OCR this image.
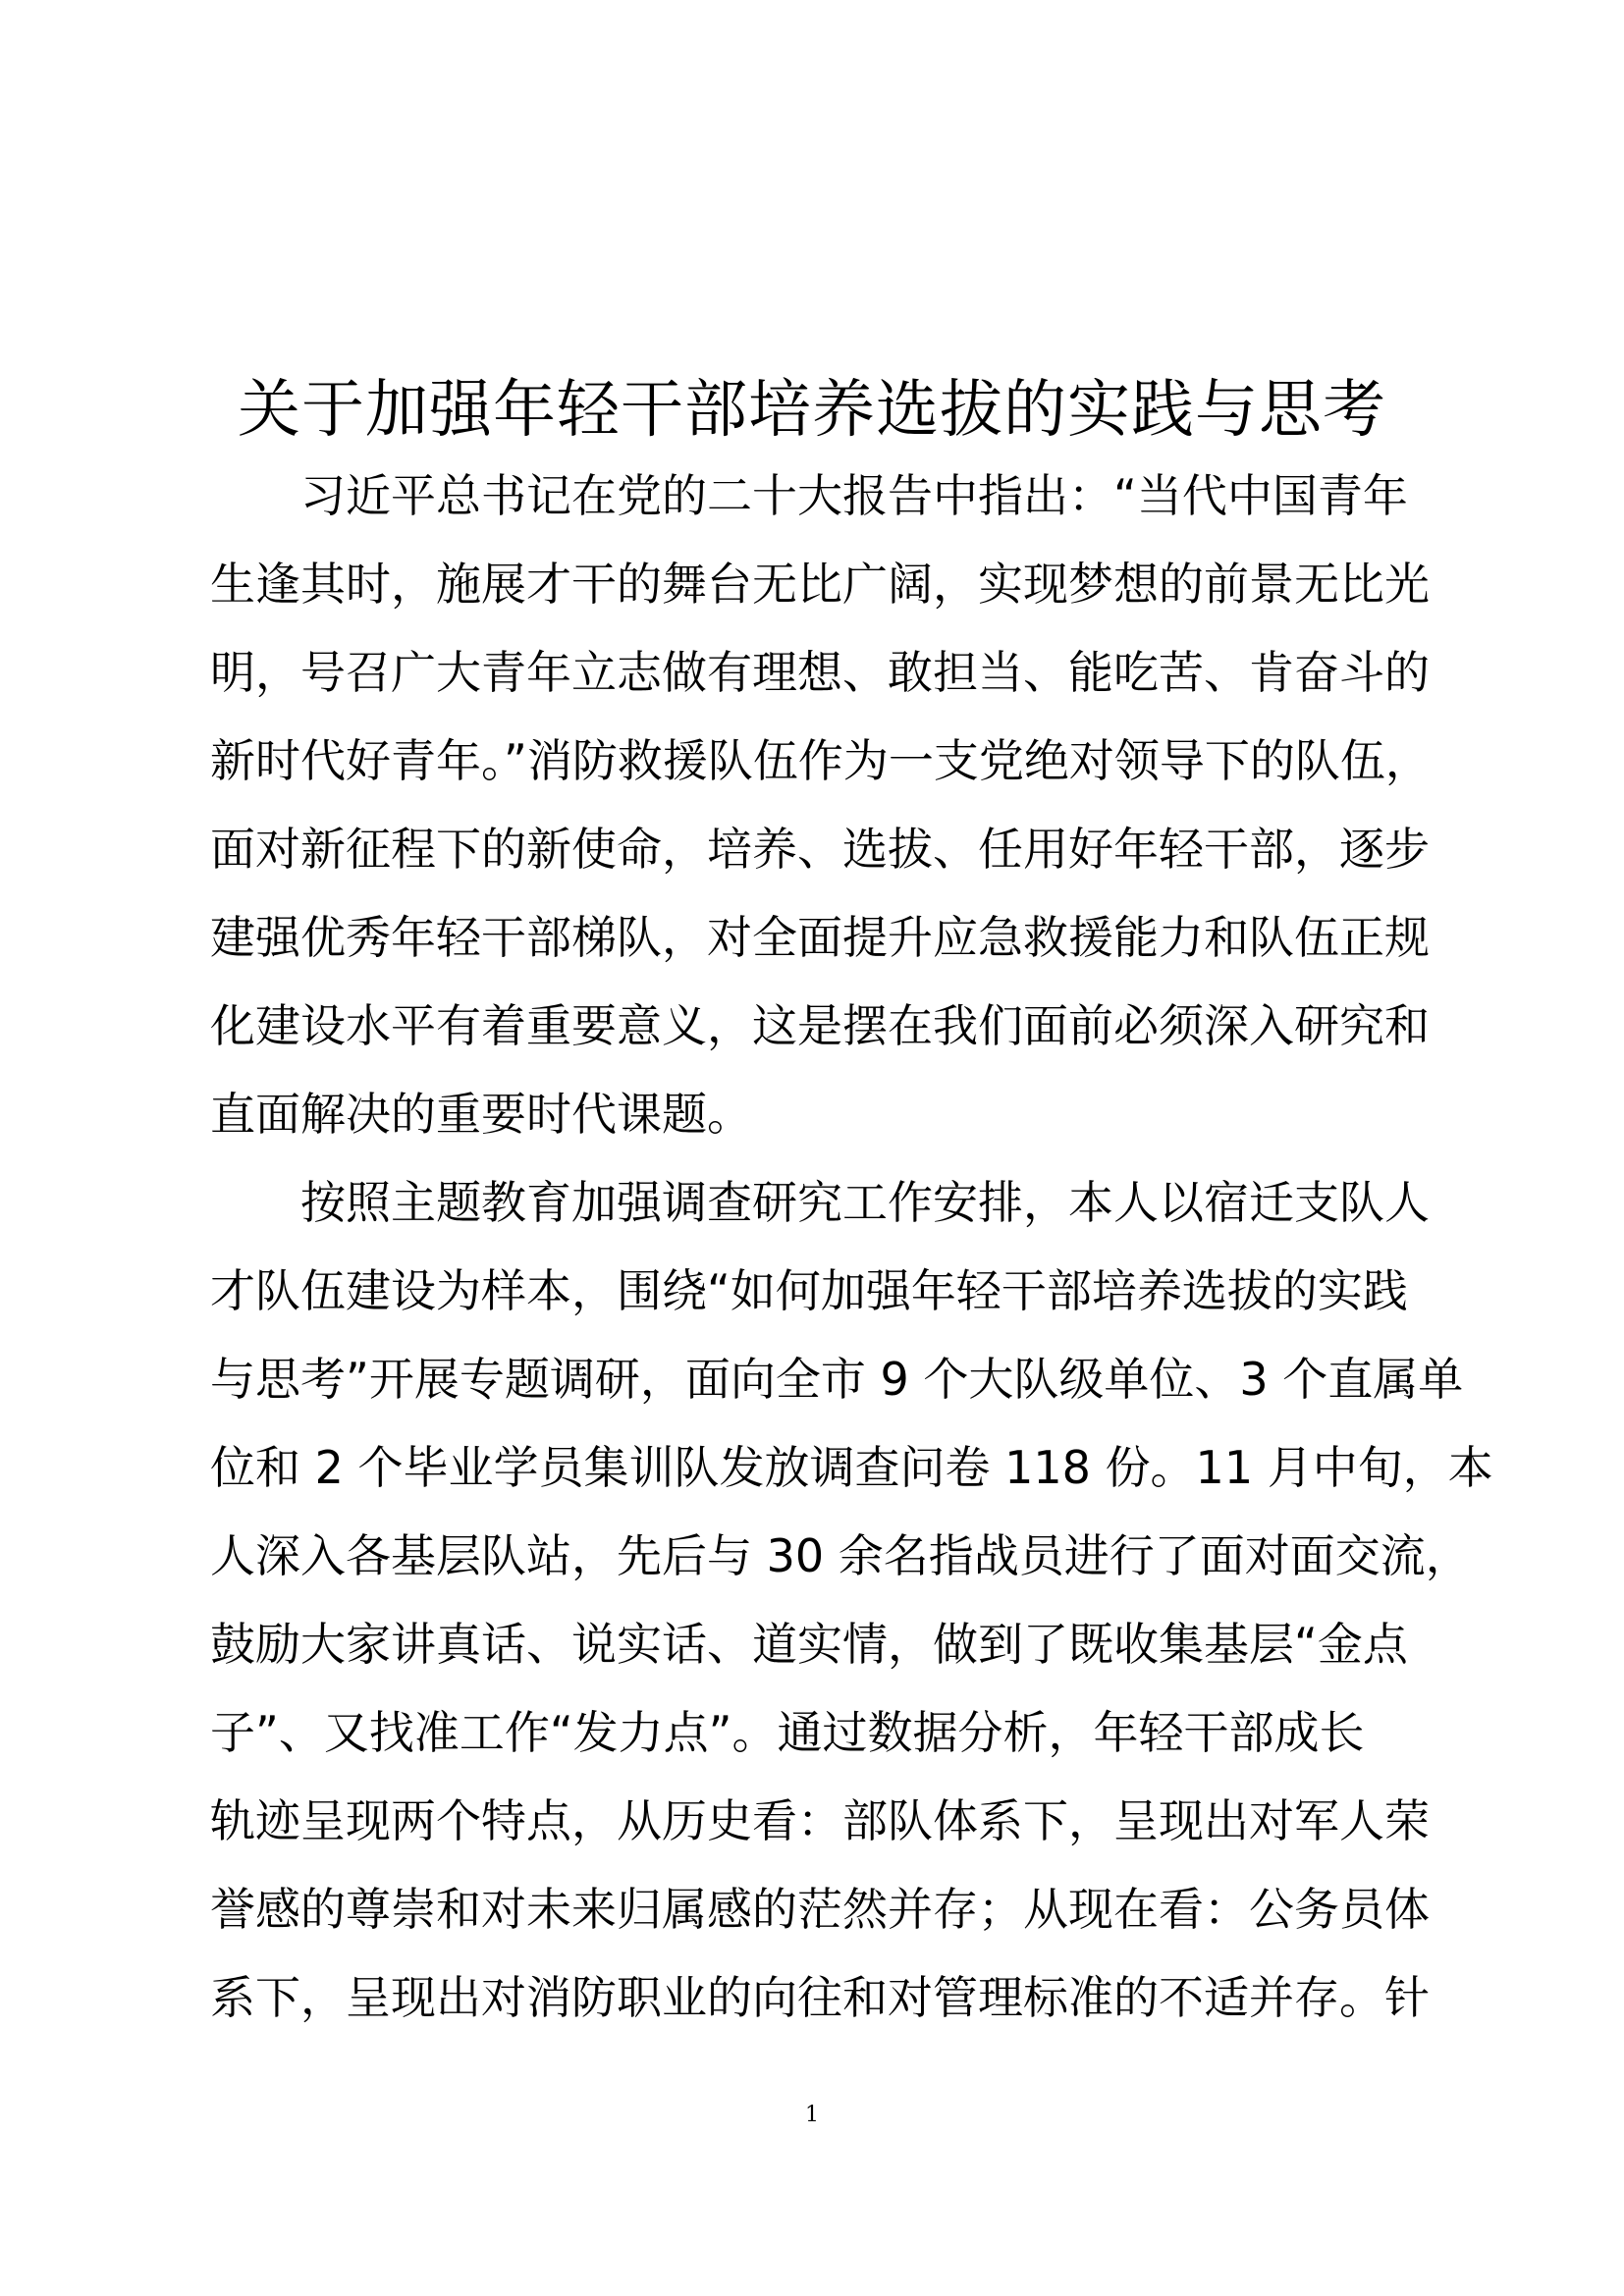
关于加强年轻干部培养选拔的实践与思考
习近平总书记在党的二十大报告中指出：“当代中国青年
生逢其时，施展才干的舞台无比广阔，实现梦想的前景无比光
明，号召广大青年立志做有理想、敢担当、能吃苦、肯奋斗的
新时代好青年。”消防救援队伍作为一支党绝对领导下的队伍，
面对新征程下的新使命，培养、选拔、任用好年轻干部，逐步
建强优秀年轻干部梯队，对全面提升应急救援能力和队伍正规
化建设水平有着重要意义，这是摆在我们面前必须深入研究和
直面解决的重要时代课题。
按照主题教育加强调查研究工作安排，本人以宿迁支队人
才队伍建设为样本，围绕“如何加强年轻干部培养选拔的实践
与思考”开展专题调研，面向全市 9 个大队级单位、3 个直属单
位和 2 个毕业学员集训队发放调查问卷 118 份。11 月中旬，本
人深入各基层队站，先后与 30 余名指战员进行了面对面交流，
鼓励大家讲真话、说实话、道实情，做到了既收集基层“金点
子”、又找准工作“发力点”。通过数据分析，年轻干部成长
轨迹呈现两个特点，从历史看：部队体系下，呈现出对军人荣
誉感的尊崇和对未来归属感的茫然并存；从现在看：公务员体
系下，呈现出对消防职业的向往和对管理标准的不适并存。针
1
